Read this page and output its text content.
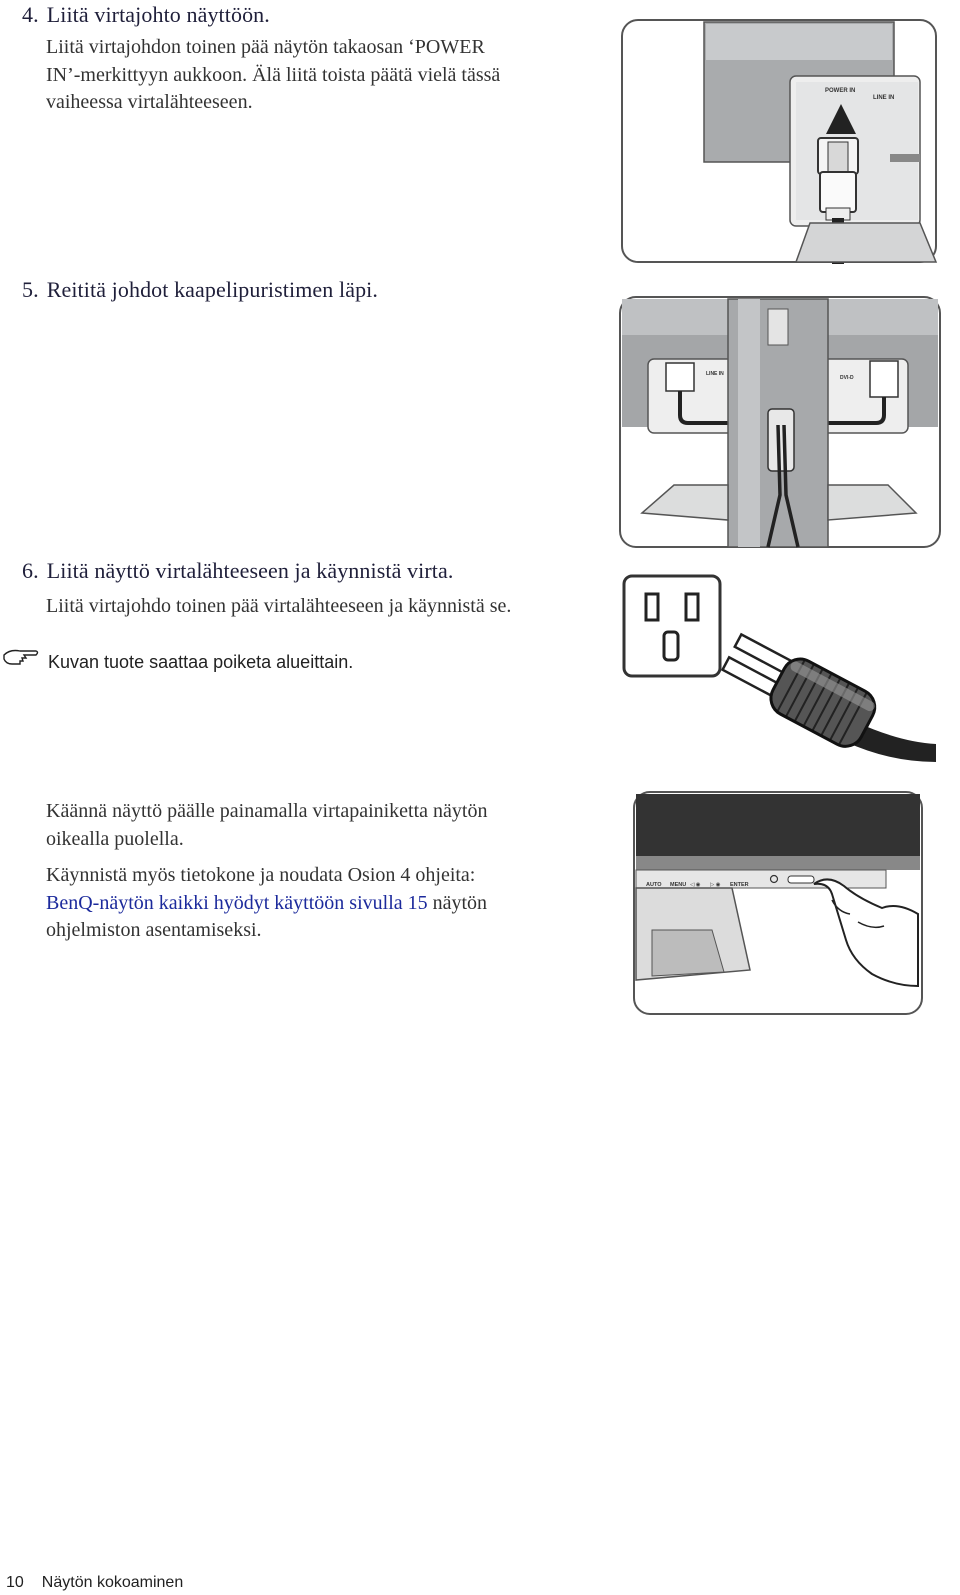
4. Liitä virtajohto näyttöön.

Liitä virtajohdon toinen pää näytön takaosan ‘POWER
IN’-merkittyyn aukkoon. Älä liitä toista päätä vielä tässä
vaiheessa virtalähteeseen.	POWER IN
LINE IN
5. Reititä johdot kaapelipuristimen läpi.
LINE IN
DVI-D
6. Liitä näyttö virtalähteeseen ja käynnistä virta.

Liitä virtajohdo toinen pää virtalähteeseen ja käynnistä se.

Kuvan tuote saattaa poiketa alueittain.

Käännä näyttö päälle painamalla virtapainiketta näytön
oikealla puolella.

Käynnistä myös tietokone ja noudata Osion 4 ohjeita:
BenQ-näytön kaikki hyödyt käyttöön sivulla 15 näytön
ohjelmiston asentamiseksi.

AUTO MENU ◁ ◉ ▷ ◉ ENTER
10 Näytön kokoaminen
